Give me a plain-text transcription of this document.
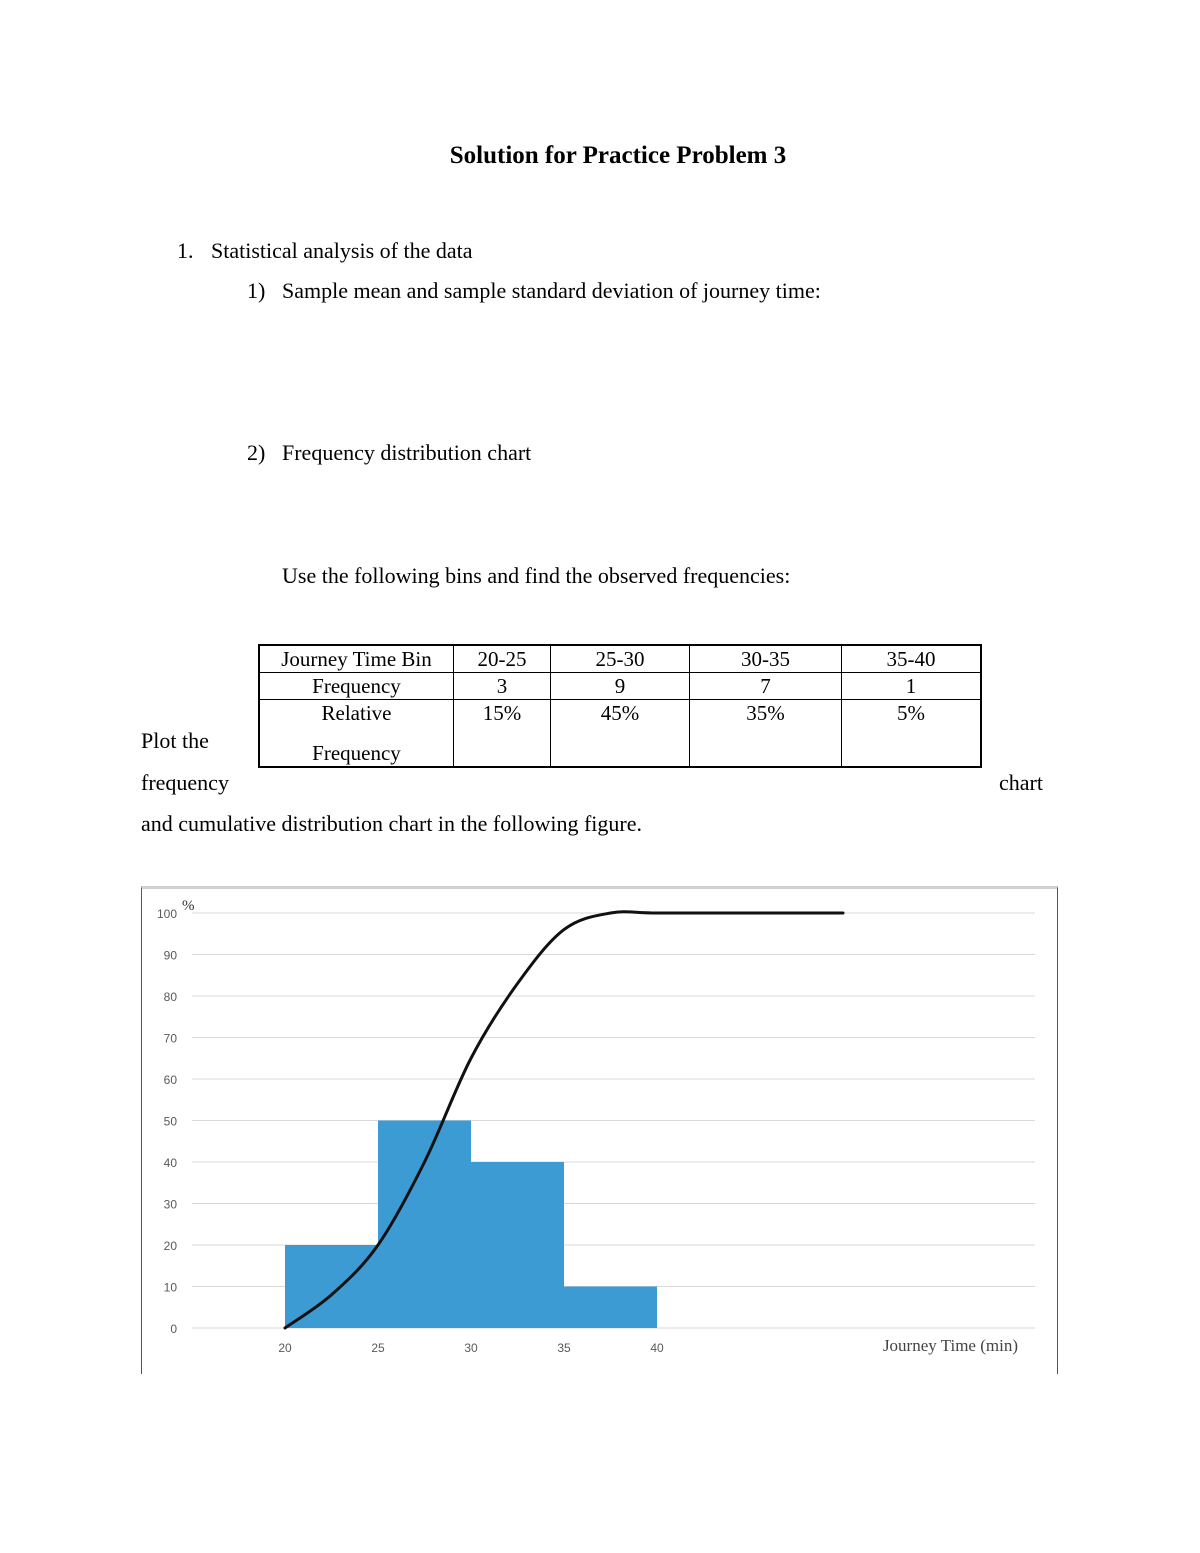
Solution for Practice Problem 3
1. Statistical analysis of the data
1) Sample mean and sample standard deviation of journey time:
2) Frequency distribution chart
Use the following bins and find the observed frequencies:
Journey Time Bin	20-25	25-30	30-35	35-40
Frequency	3	9	7	1

Relative
Frequency	15%	45%	35%	5%
Plot the
frequency	chart
and cumulative distribution chart in the following figure.
0
10
20
30
40
50
60
70
80
90
100 %
20	25	30	35	40	Journey Time (min)
